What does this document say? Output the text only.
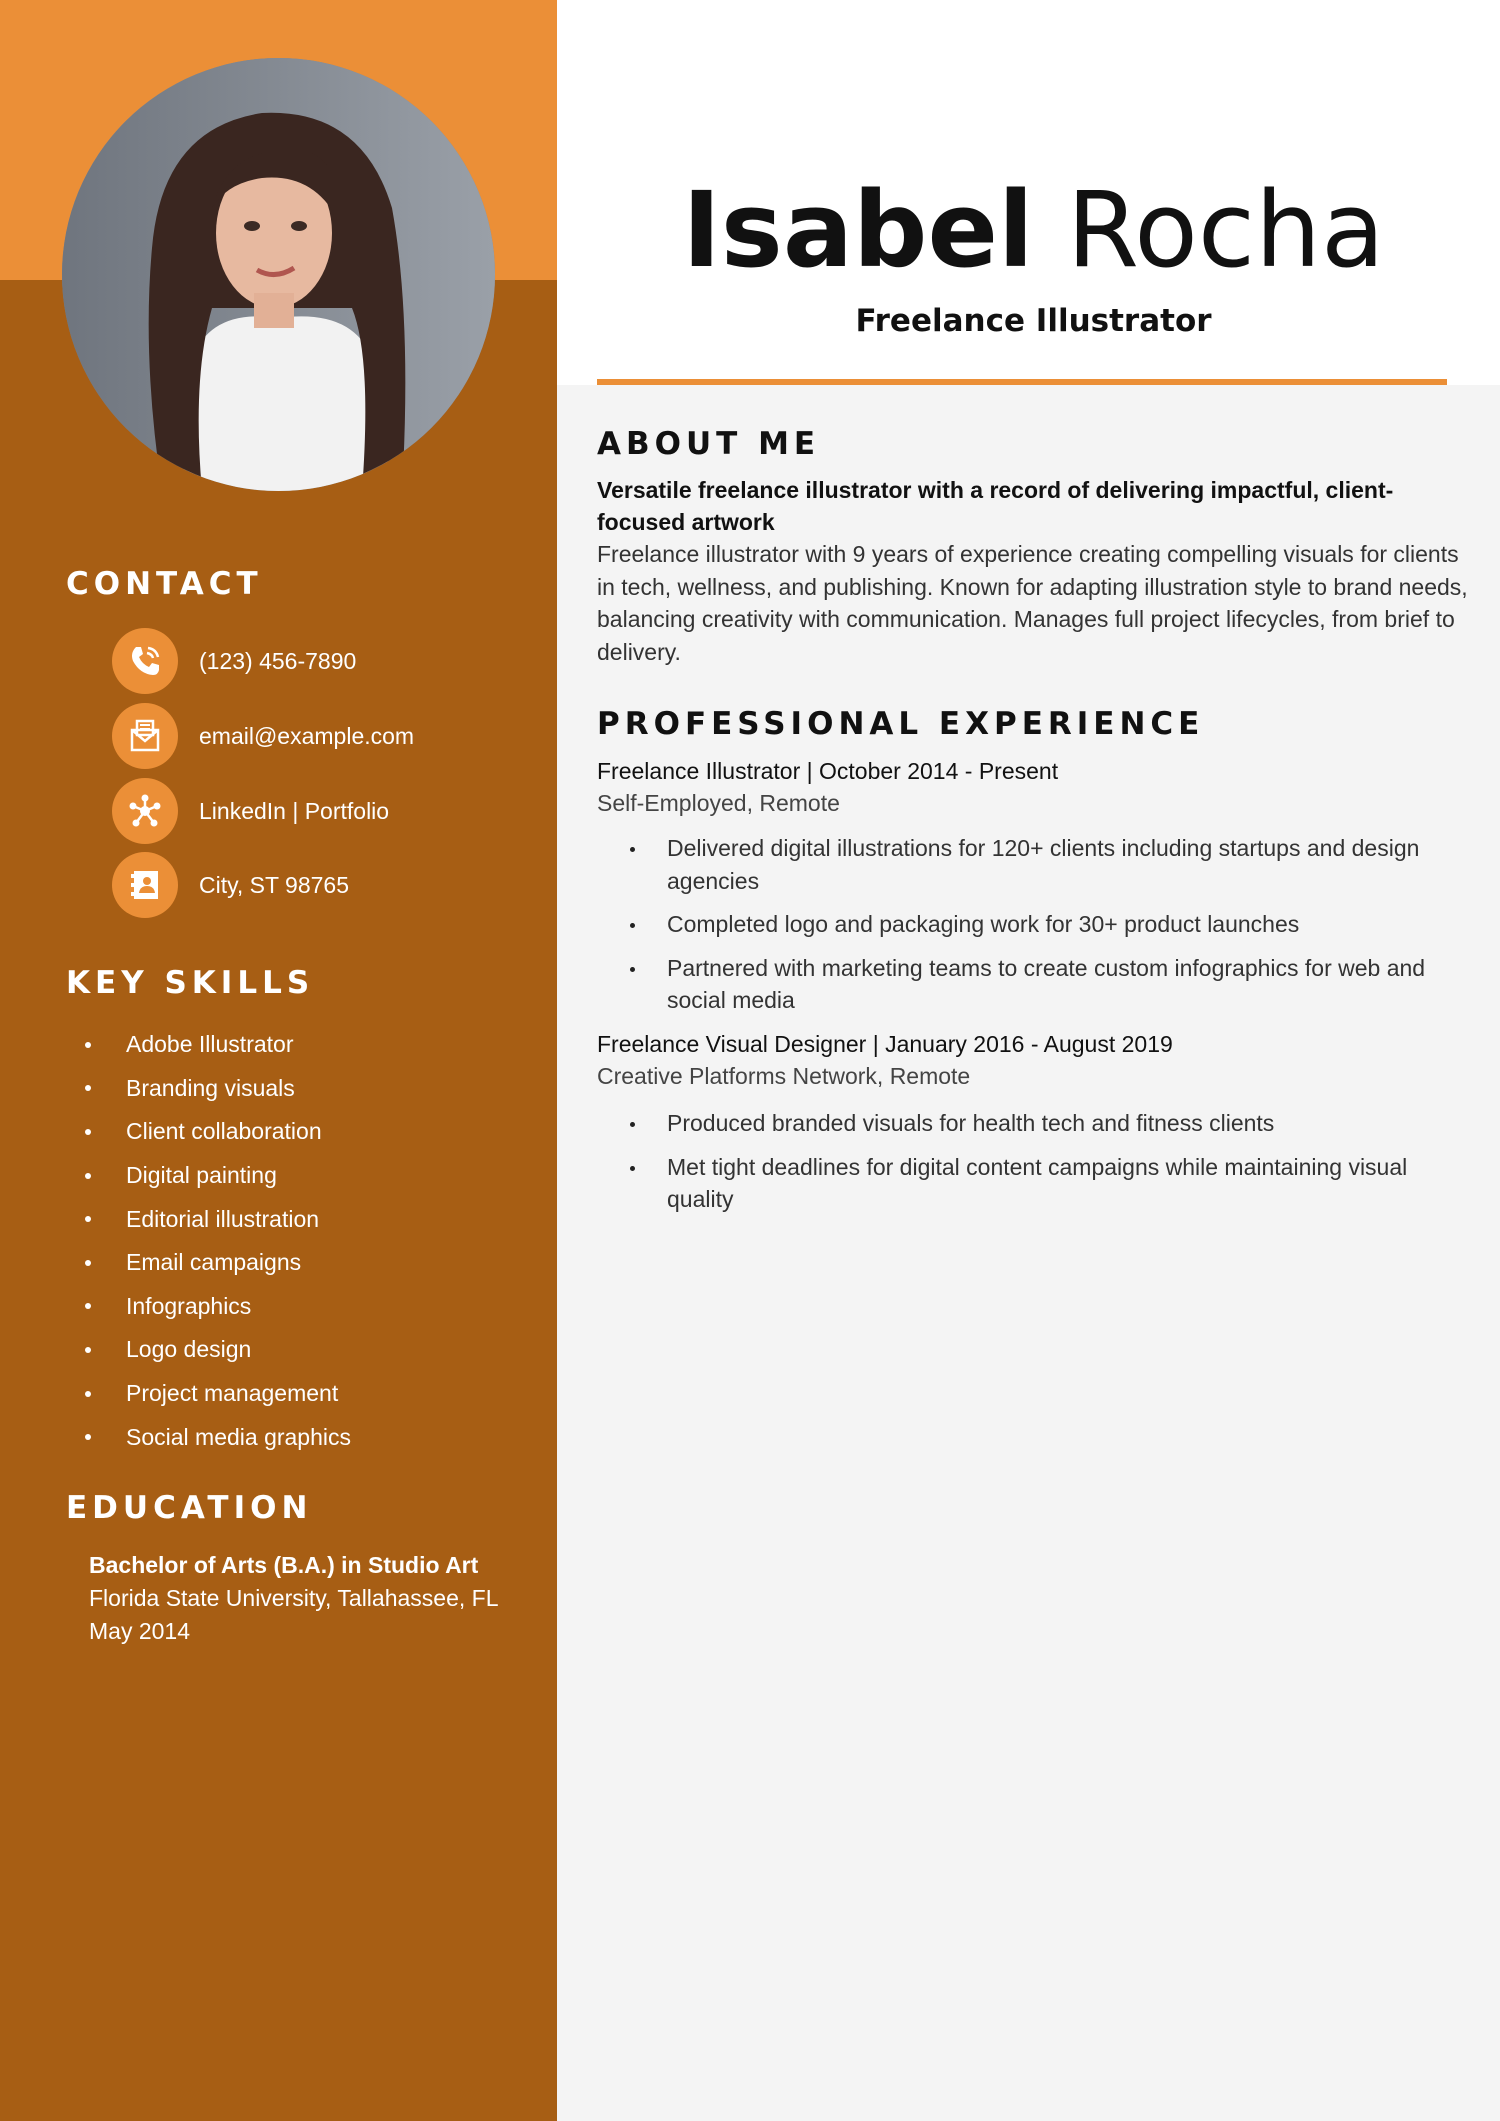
Isabel Rocha
Freelance Illustrator
CONTACT
(123) 456-7890
email@example.com
LinkedIn | Portfolio
City, ST 98765
KEY SKILLS
Adobe Illustrator
Branding visuals
Client collaboration
Digital painting
Editorial illustration
Email campaigns
Infographics
Logo design
Project management
Social media graphics
EDUCATION
Bachelor of Arts (B.A.) in Studio Art
Florida State University, Tallahassee, FL
May 2014
ABOUT ME
Versatile freelance illustrator with a record of delivering impactful, client-focused artwork
Freelance illustrator with 9 years of experience creating compelling visuals for clients in tech, wellness, and publishing. Known for adapting illustration style to brand needs, balancing creativity with communication. Manages full project lifecycles, from brief to delivery.
PROFESSIONAL EXPERIENCE
Freelance Illustrator | October 2014 - Present
Self-Employed, Remote
Delivered digital illustrations for 120+ clients including startups and design agencies
Completed logo and packaging work for 30+ product launches
Partnered with marketing teams to create custom infographics for web and social media
Freelance Visual Designer | January 2016 - August 2019
Creative Platforms Network, Remote
Produced branded visuals for health tech and fitness clients
Met tight deadlines for digital content campaigns while maintaining visual quality
